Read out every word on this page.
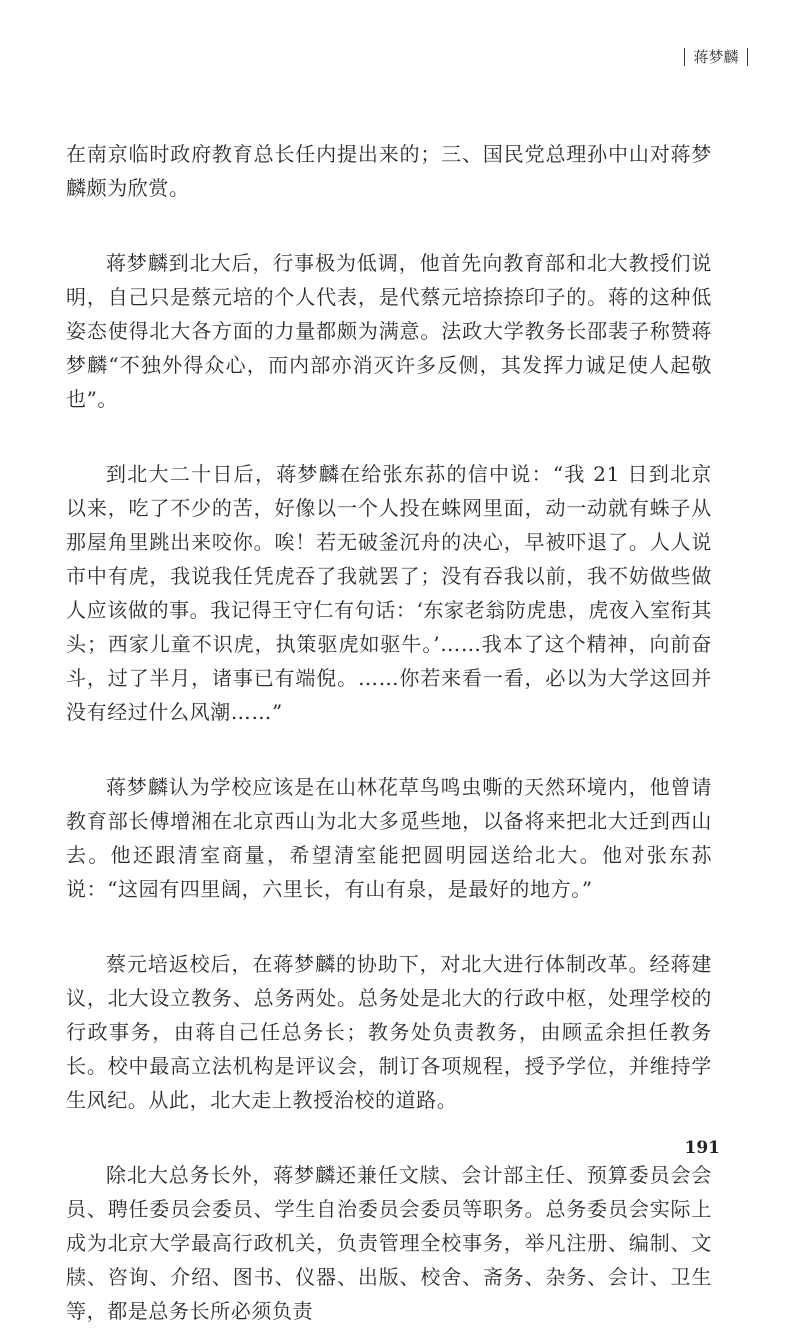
蒋梦麟

在南京临时政府教育总长任内提出来的；三、国民党总理孙中山对蒋梦麟颇为欣赏。

蒋梦麟到北大后，行事极为低调，他首先向教育部和北大教授们说明，自己只是蔡元培的个人代表，是代蔡元培捺捺印子的。蒋的这种低姿态使得北大各方面的力量都颇为满意。法政大学教务长邵裴子称赞蒋梦麟“不独外得众心，而内部亦消灭许多反侧，其发挥力诚足使人起敬也”。

到北大二十日后，蒋梦麟在给张东荪的信中说：“我 21 日到北京以来，吃了不少的苦，好像以一个人投在蛛网里面，动一动就有蛛子从那屋角里跳出来咬你。唉！若无破釜沉舟的决心，早被吓退了。人人说市中有虎，我说我任凭虎吞了我就罢了；没有吞我以前，我不妨做些做人应该做的事。我记得王守仁有句话：‘东家老翁防虎患，虎夜入室衔其头；西家儿童不识虎，执策驱虎如驱牛。’……我本了这个精神，向前奋斗，过了半月，诸事已有端倪。……你若来看一看，必以为大学这回并没有经过什么风潮……”

蒋梦麟认为学校应该是在山林花草鸟鸣虫嘶的天然环境内，他曾请教育部长傅增湘在北京西山为北大多觅些地，以备将来把北大迁到西山去。他还跟清室商量，希望清室能把圆明园送给北大。他对张东荪说：“这园有四里阔，六里长，有山有泉，是最好的地方。”

蔡元培返校后，在蒋梦麟的协助下，对北大进行体制改革。经蒋建议，北大设立教务、总务两处。总务处是北大的行政中枢，处理学校的行政事务，由蒋自己任总务长；教务处负责教务，由顾孟余担任教务长。校中最高立法机构是评议会，制订各项规程，授予学位，并维持学生风纪。从此，北大走上教授治校的道路。

除北大总务长外，蒋梦麟还兼任文牍、会计部主任、预算委员会会员、聘任委员会委员、学生自治委员会委员等职务。总务委员会实际上成为北京大学最高行政机关，负责管理全校事务，举凡注册、编制、文牍、咨询、介绍、图书、仪器、出版、校舍、斋务、杂务、会计、卫生等，都是总务长所必须负责

191
